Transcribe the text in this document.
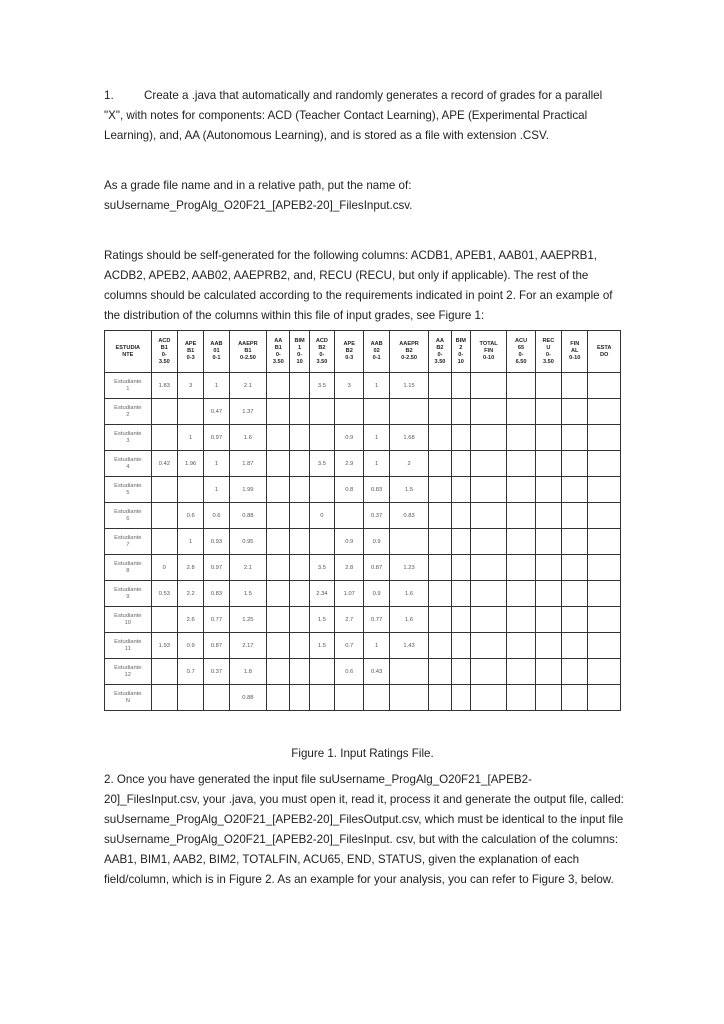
1.	Create a .java that automatically and randomly generates a record of grades for a parallel "X", with notes for components: ACD (Teacher Contact Learning), APE (Experimental Practical Learning), and, AA (Autonomous Learning), and is stored as a file with extension .CSV.

As a grade file name and in a relative path, put the name of: suUsername_ProgAlg_O20F21_[APEB2-20]_FilesInput.csv.

Ratings should be self-generated for the following columns: ACDB1, APEB1, AAB01, AAEPRB1, ACDB2, APEB2, AAB02, AAEPRB2, and, RECU (RECU, but only if applicable). The rest of the columns should be calculated according to the requirements indicated in point 2. For an example of the distribution of the columns within this file of input grades, see Figure 1:

ESTUDIA
NTE	ACD
B1
0-
3.50	APE
B1
0-3	AAB
01
0-1	AAEPR
B1
0-2.50	AA
B1
0-
3.50	BIM
1
0-
10	ACD
B2
0-
3.50	APE
B2
0-3	AAB
02
0-1	AAEPR
B2
0-2.50	AA
B2
0-
3.50	BIM
2
0-
10	TOTAL
FIN
0-10	ACU
65
0-
6.50	REC
U
0-
3.50	FIN
AL
0-10	ESTA
DO
Estudiante
1	1.83	3	1	2.1			3.5	3	1	1.15							
Estudiante
2			0.47	1.37													
Estudiante
3		1	0.97	1.6				0.9	1	1.68							
Estudiante
4	0.42	1.96	1	1.87			3.5	2.9	1	2							
Estudiante
5			1	1.99				0.8	0.83	1.5							
Estudiante
6		0.6	0.6	0.88			0		0.37	0.83							
Estudiante
7		1	0.93	0.95				0.9	0.9								
Estudiante
8	0	2.8	0.97	2.1			3.5	2.8	0.87	1.23							
Estudiante
9	0.53	2.2	0.83	1.5			2.34	1.07	0.9	1.6							
Estudiante
10		2.6	0.77	1.25			1.5	2.7	0.77	1.6							
Estudiante
11	1.93	0.9	0.87	2.17			1.5	0.7	1	1.43							
Estudiante
12		0.7	0.37	1.8				0.6	0.43								
Estudiante
N				0.88													

Figure 1. Input Ratings File.

2. Once you have generated the input file suUsername_ProgAlg_O20F21_[APEB2-20]_FilesInput.csv, your .java, you must open it, read it, process it and generate the output file, called: suUsername_ProgAlg_O20F21_[APEB2-20]_FilesOutput.csv, which must be identical to the input file suUsername_ProgAlg_O20F21_[APEB2-20]_FilesInput. csv, but with the calculation of the columns: AAB1, BIM1, AAB2, BIM2, TOTALFIN, ACU65, END, STATUS, given the explanation of each field/column, which is in Figure 2. As an example for your analysis, you can refer to Figure 3, below.
